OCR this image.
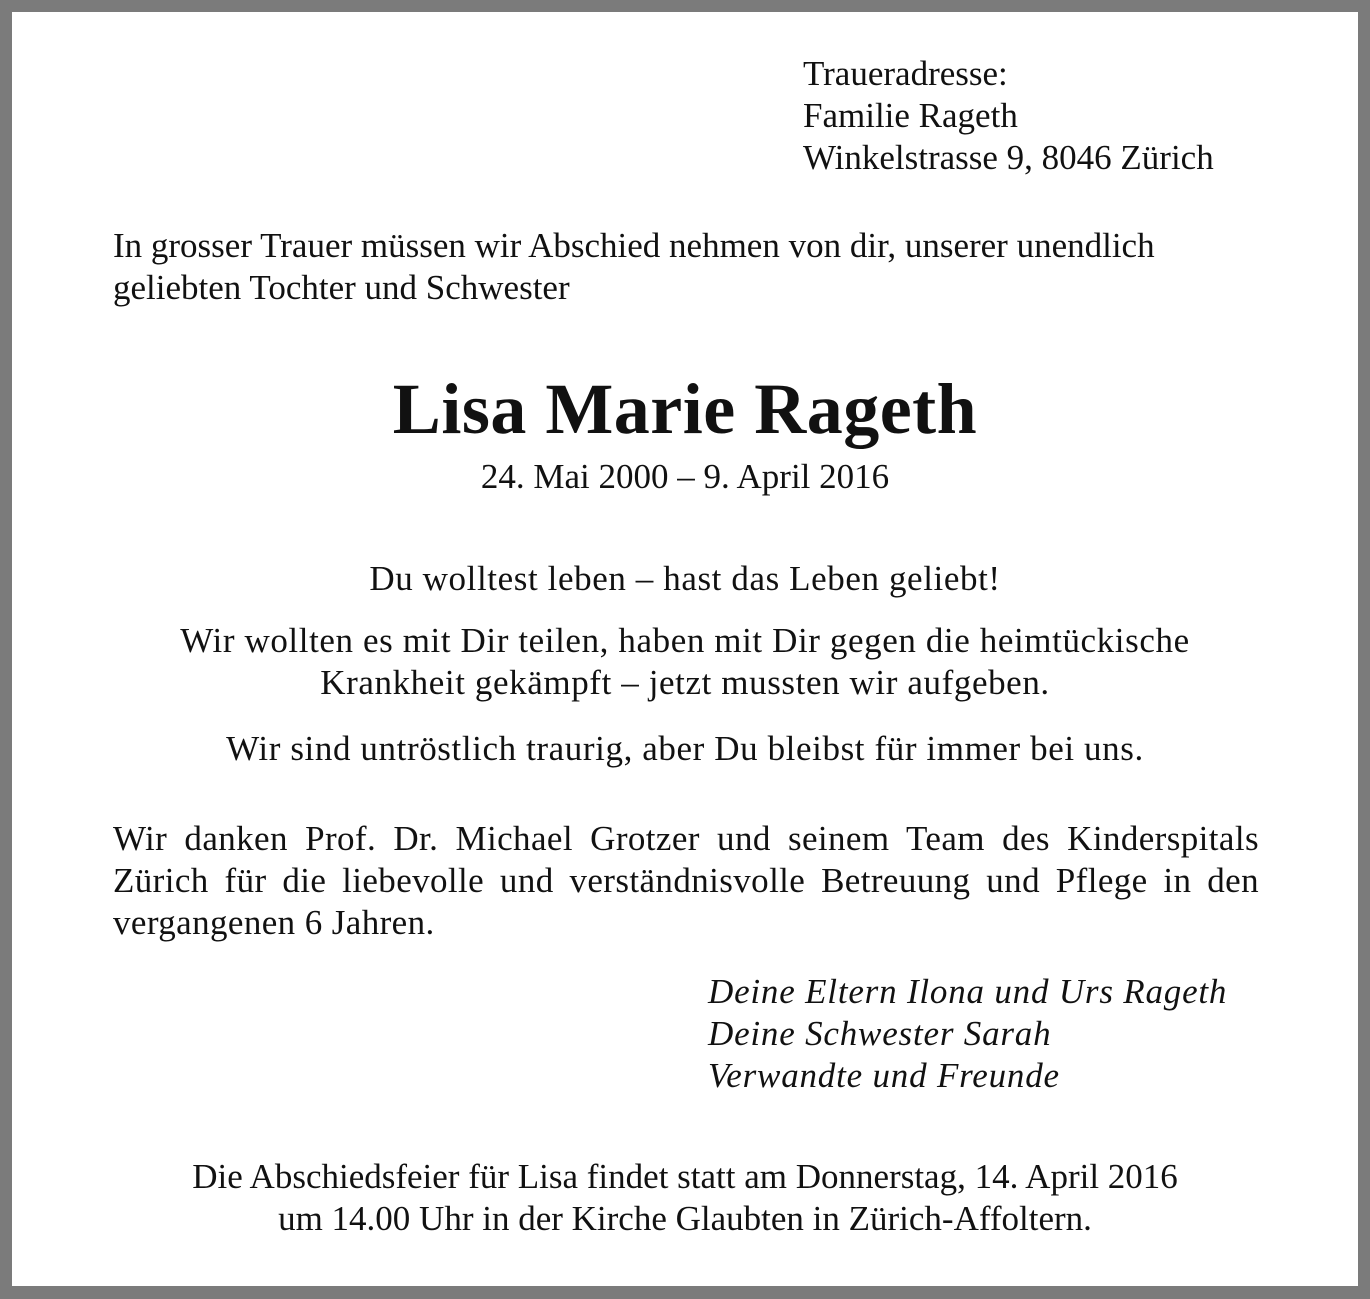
Traueradresse:
Familie Rageth
Winkelstrasse 9, 8046 Zürich

In grosser Trauer müssen wir Abschied nehmen von dir, unserer unendlich geliebten Tochter und Schwester

Lisa Marie Rageth

24. Mai 2000 – 9. April 2016

Du wolltest leben – hast das Leben geliebt!

Wir wollten es mit Dir teilen, haben mit Dir gegen die heimtückische Krankheit gekämpft – jetzt mussten wir aufgeben.

Wir sind untröstlich traurig, aber Du bleibst für immer bei uns.

Wir danken Prof. Dr. Michael Grotzer und seinem Team des Kinderspitals Zürich für die liebevolle und verständnisvolle Betreuung und Pflege in den vergangenen 6 Jahren.

Deine Eltern Ilona und Urs Rageth
Deine Schwester Sarah
Verwandte und Freunde
Die Abschiedsfeier für Lisa findet statt am Donnerstag, 14. April 2016
um 14.00 Uhr in der Kirche Glaubten in Zürich-Affoltern.
